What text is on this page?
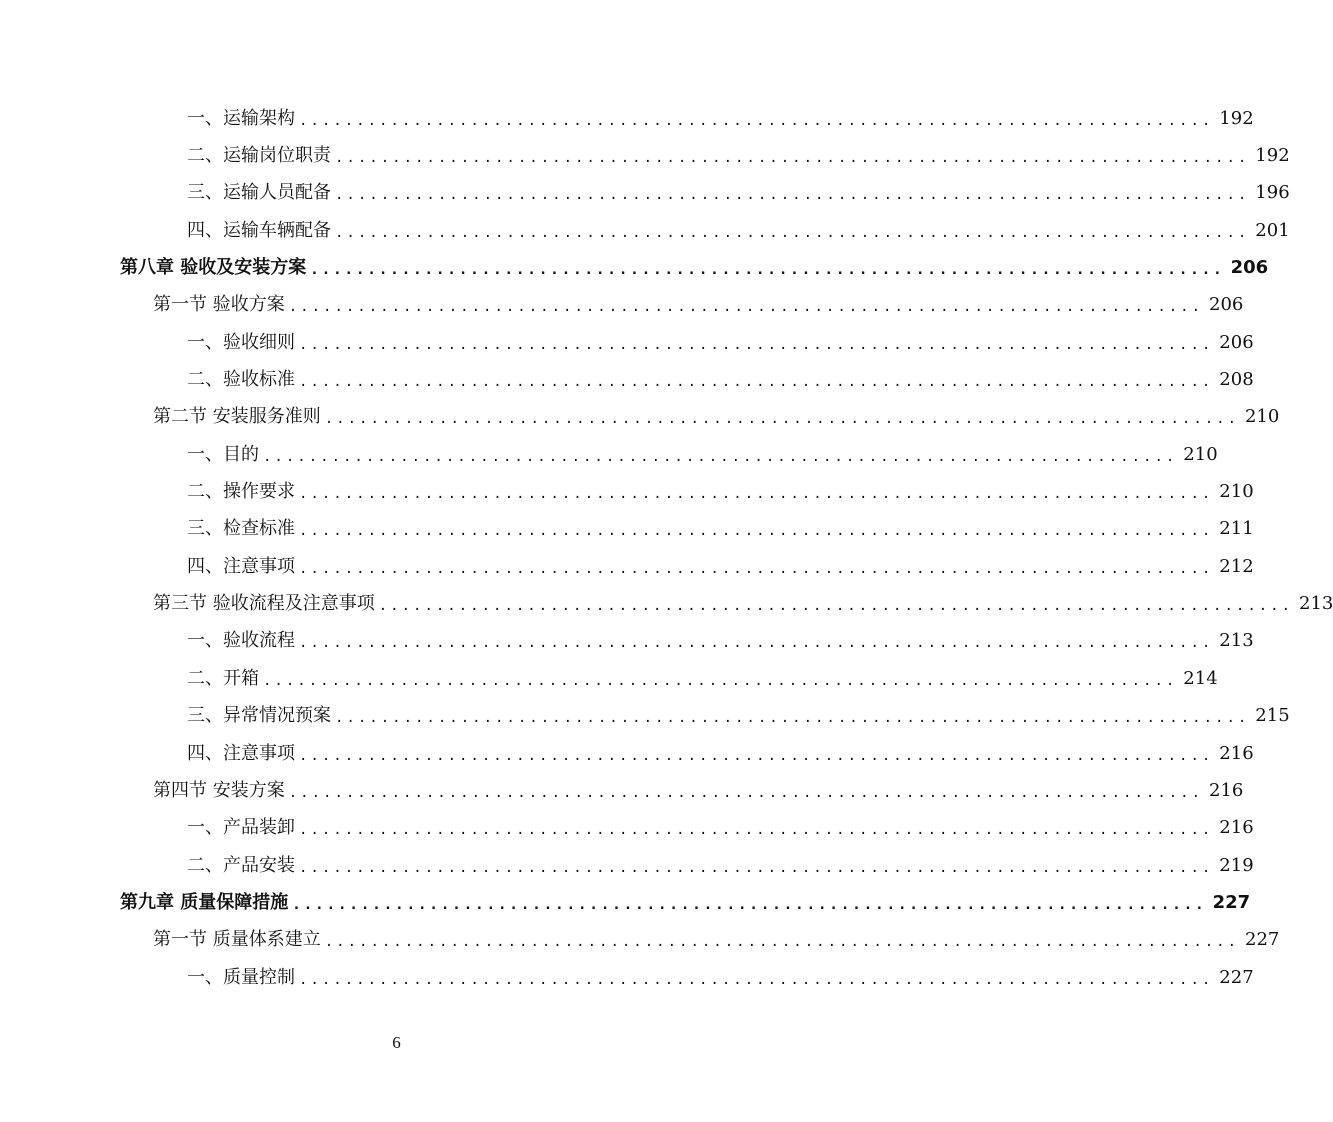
一、运输架构 ................................................................................ 192
二、运输岗位职责 ................................................................................ 192
三、运输人员配备 ................................................................................ 196
四、运输车辆配备 ................................................................................ 201
第八章 验收及安装方案 ................................................................................ 206
第一节 验收方案 ................................................................................ 206
一、验收细则 ................................................................................ 206
二、验收标准 ................................................................................ 208
第二节 安装服务准则 ................................................................................ 210
一、目的 ................................................................................ 210
二、操作要求 ................................................................................ 210
三、检查标准 ................................................................................ 211
四、注意事项 ................................................................................ 212
第三节 验收流程及注意事项 ................................................................................ 213
一、验收流程 ................................................................................ 213
二、开箱 ................................................................................ 214
三、异常情况预案 ................................................................................ 215
四、注意事项 ................................................................................ 216
第四节 安装方案 ................................................................................ 216
一、产品装卸 ................................................................................ 216
二、产品安装 ................................................................................ 219
第九章 质量保障措施 ................................................................................ 227
第一节 质量体系建立 ................................................................................ 227
一、质量控制 ................................................................................ 227
6
